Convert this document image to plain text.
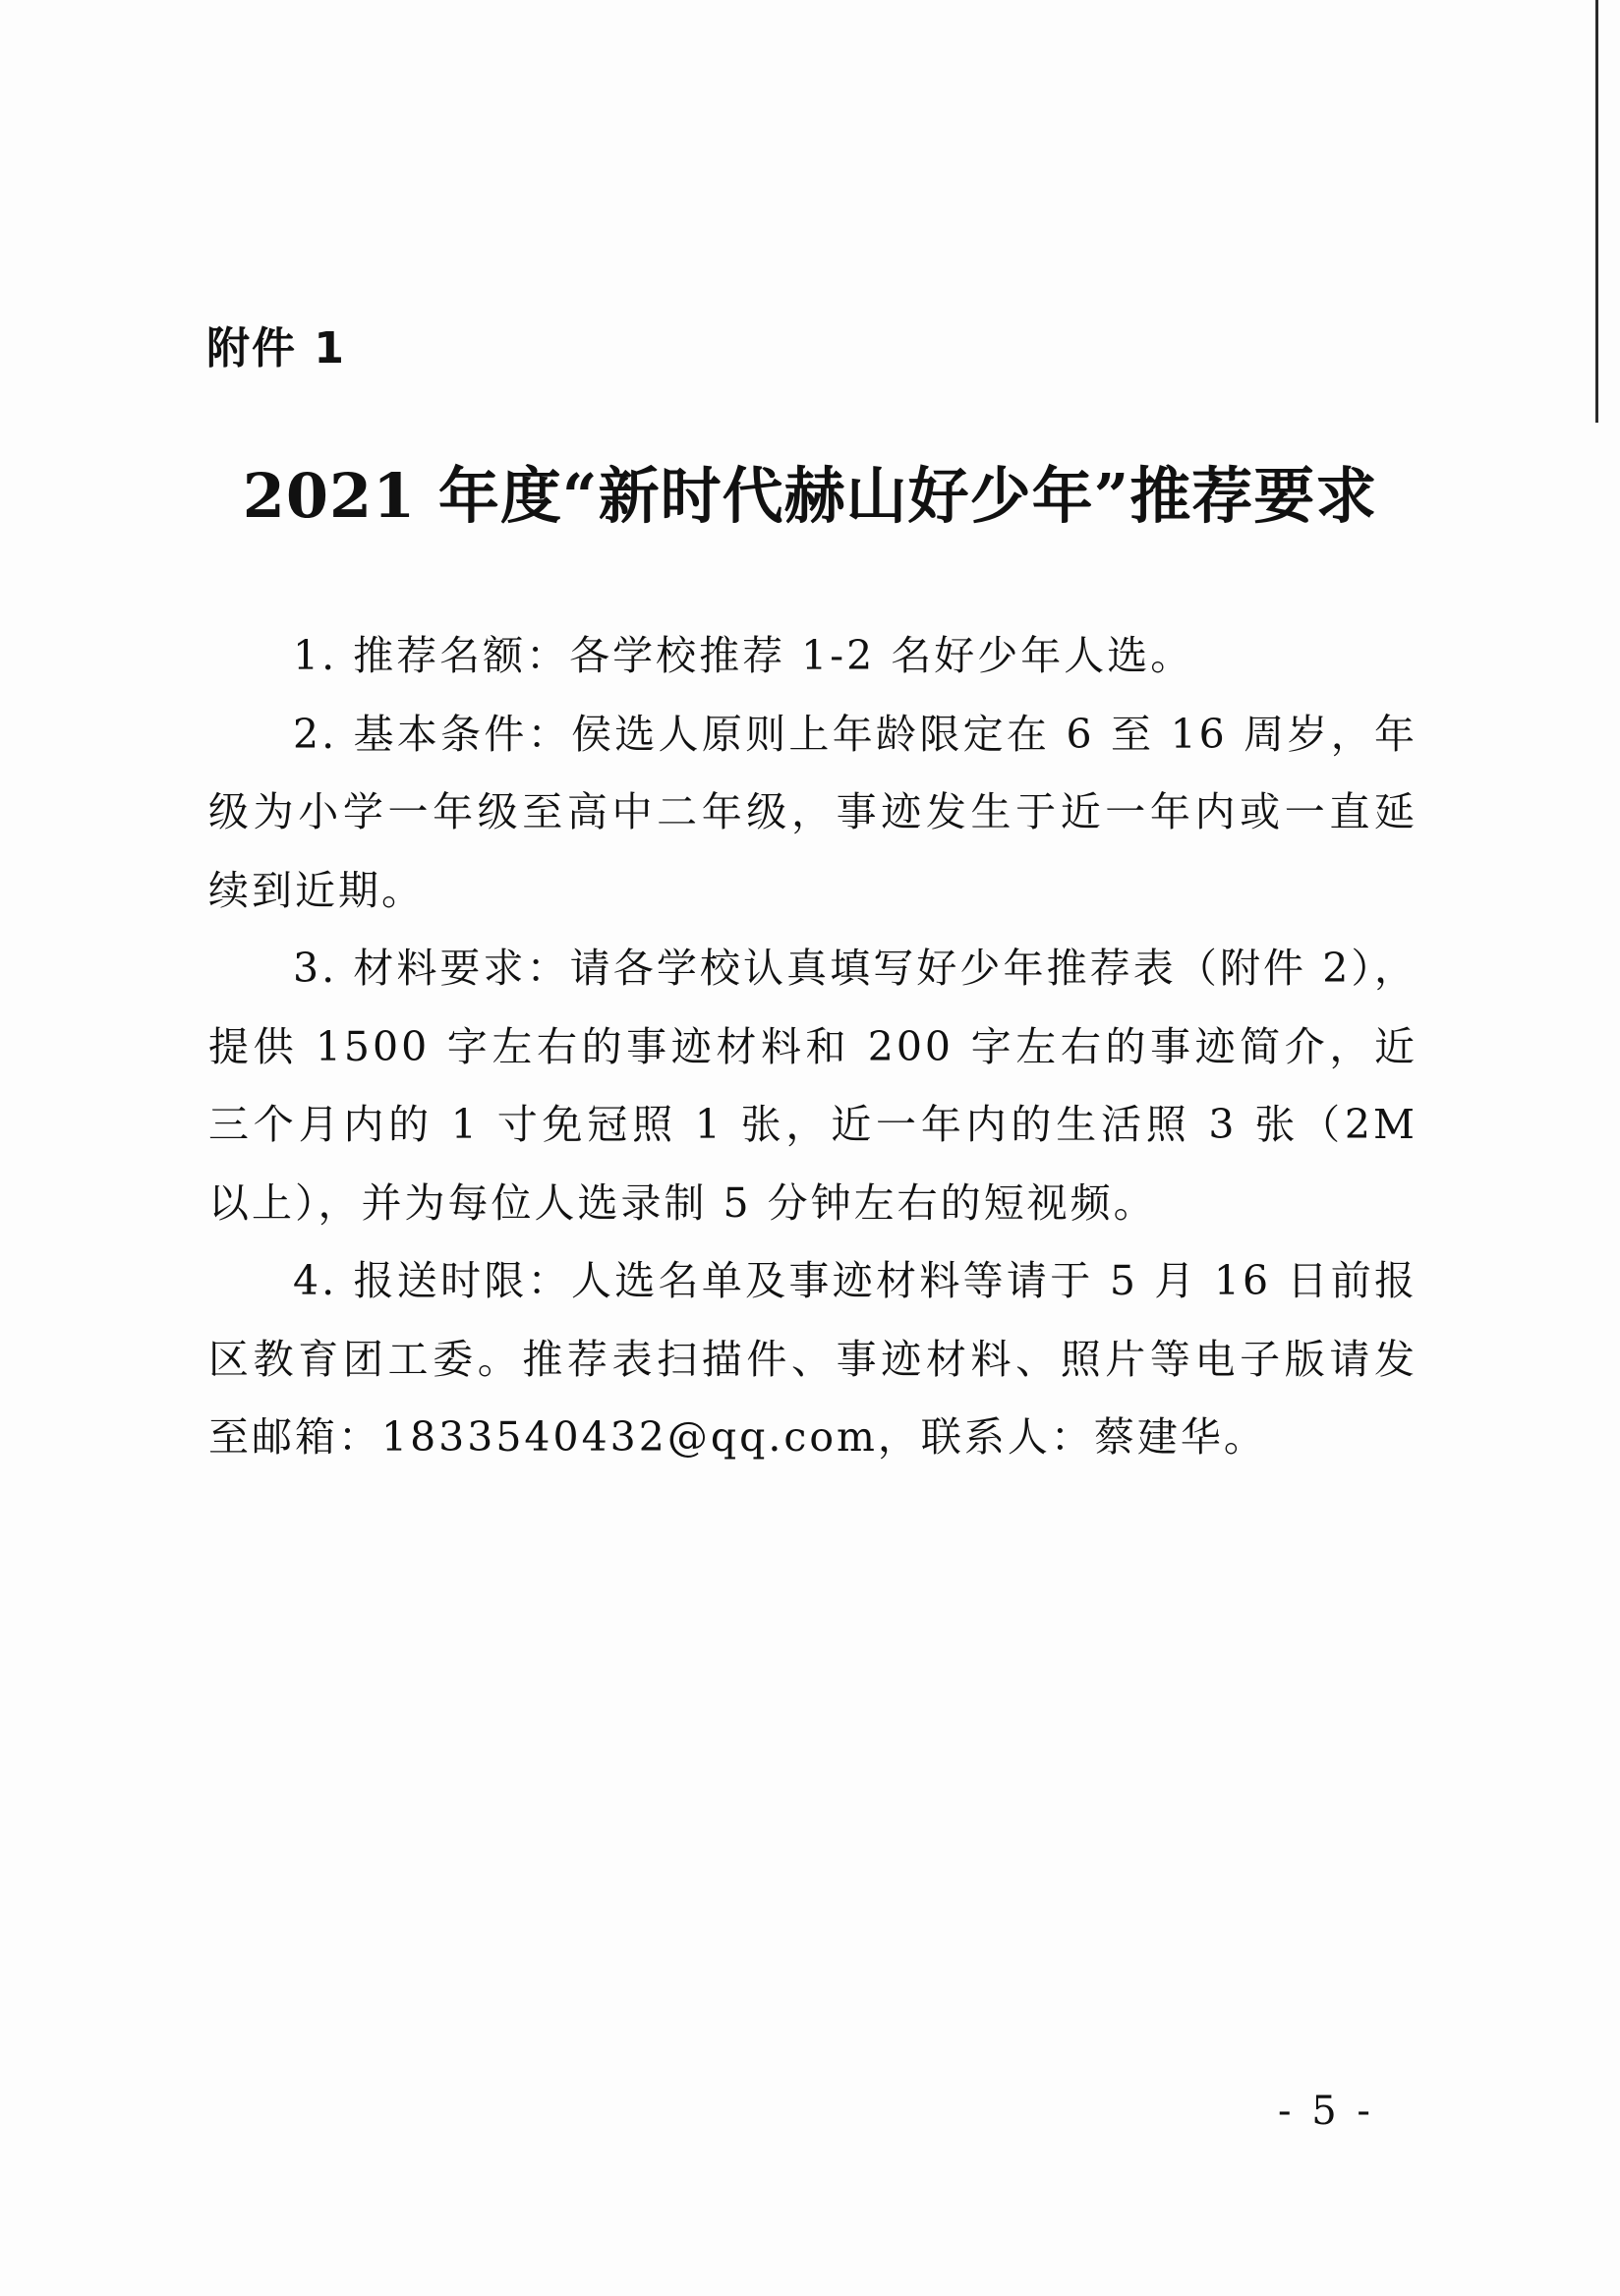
附件 1
2021 年度“新时代赫山好少年”推荐要求

1. 推荐名额：各学校推荐 1-2 名好少年人选。

2. 基本条件：侯选人原则上年龄限定在 6 至 16 周岁，年级为小学一年级至高中二年级，事迹发生于近一年内或一直延续到近期。

3. 材料要求：请各学校认真填写好少年推荐表（附件 2），提供 1500 字左右的事迹材料和 200 字左右的事迹简介，近三个月内的 1 寸免冠照 1 张，近一年内的生活照 3 张（2M 以上），并为每位人选录制 5 分钟左右的短视频。

4. 报送时限：人选名单及事迹材料等请于 5 月 16 日前报区教育团工委。推荐表扫描件、事迹材料、照片等电子版请发至邮箱：1833540432@qq.com，联系人：蔡建华。

- 5 -
